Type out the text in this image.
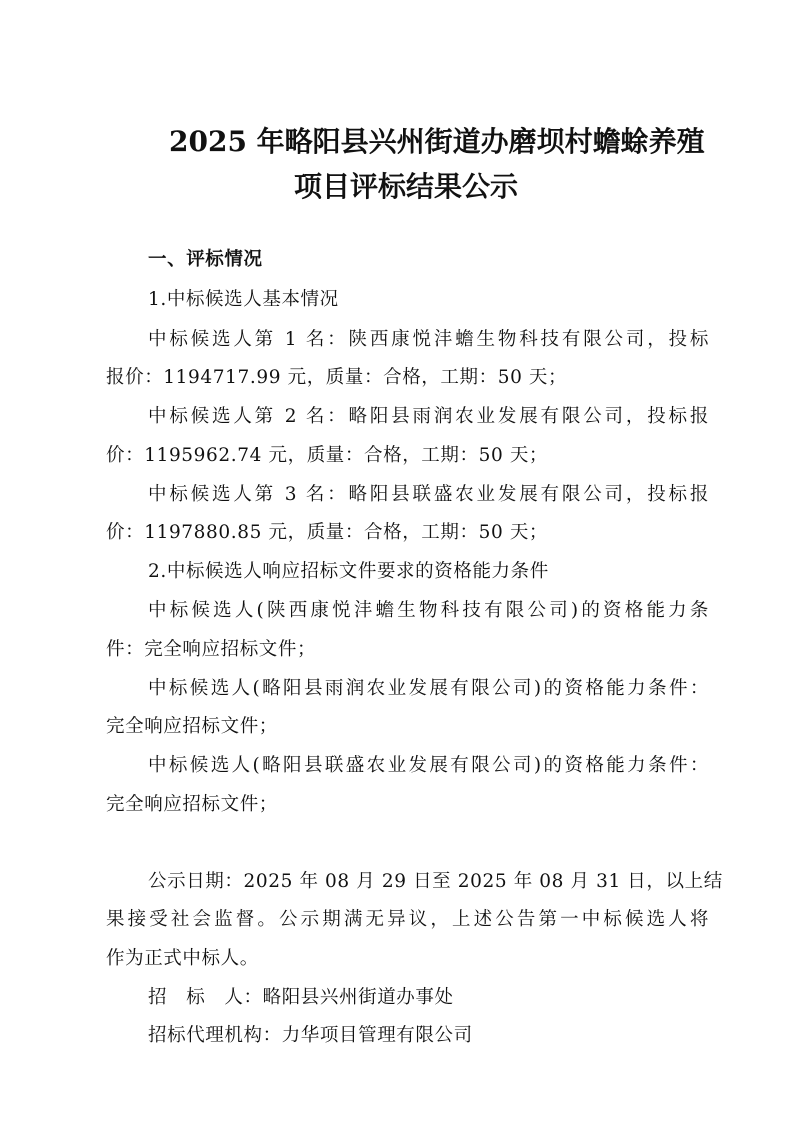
2025 年略阳县兴州街道办磨坝村蟾蜍养殖
项目评标结果公示
一、评标情况
1.中标候选人基本情况
中标候选人第 1 名：陕西康悦沣蟾生物科技有限公司，投标
报价：1194717.99 元，质量：合格，工期：50 天；
中标候选人第 2 名：略阳县雨润农业发展有限公司，投标报
价：1195962.74 元，质量：合格，工期：50 天；
中标候选人第 3 名：略阳县联盛农业发展有限公司，投标报
价：1197880.85 元，质量：合格，工期：50 天；
2.中标候选人响应招标文件要求的资格能力条件
中标候选人(陕西康悦沣蟾生物科技有限公司)的资格能力条
件：完全响应招标文件；
中标候选人(略阳县雨润农业发展有限公司)的资格能力条件：
完全响应招标文件；
中标候选人(略阳县联盛农业发展有限公司)的资格能力条件：
完全响应招标文件；
公示日期：2025 年 08 月 29 日至 2025 年 08 月 31 日，以上结
果接受社会监督。公示期满无异议，上述公告第一中标候选人将
作为正式中标人。
招　标　人：略阳县兴州街道办事处
招标代理机构：力华项目管理有限公司
